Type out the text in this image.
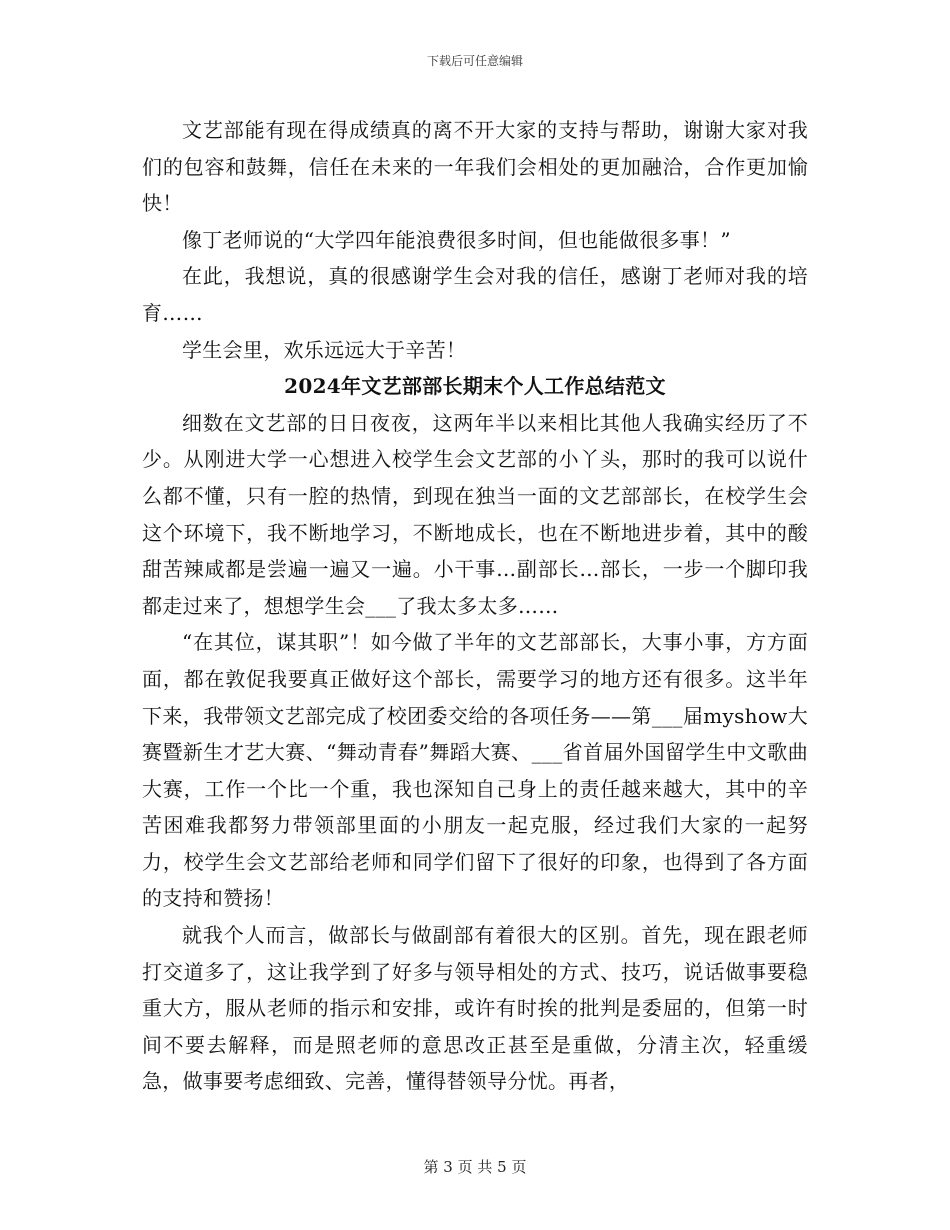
下载后可任意编辑

文艺部能有现在得成绩真的离不开大家的支持与帮助，谢谢大家对我们的包容和鼓舞，信任在未来的一年我们会相处的更加融洽，合作更加愉快！

像丁老师说的“大学四年能浪费很多时间，但也能做很多事！”

在此，我想说，真的很感谢学生会对我的信任，感谢丁老师对我的培育……

学生会里，欢乐远远大于辛苦！

2024年文艺部部长期末个人工作总结范文

细数在文艺部的日日夜夜，这两年半以来相比其他人我确实经历了不少。从刚进大学一心想进入校学生会文艺部的小丫头，那时的我可以说什么都不懂，只有一腔的热情，到现在独当一面的文艺部部长，在校学生会这个环境下，我不断地学习，不断地成长，也在不断地进步着，其中的酸甜苦辣咸都是尝遍一遍又一遍。小干事…副部长…部长，一步一个脚印我都走过来了，想想学生会___了我太多太多……

“在其位，谋其职”！如今做了半年的文艺部部长，大事小事，方方面面，都在敦促我要真正做好这个部长，需要学习的地方还有很多。这半年下来，我带领文艺部完成了校团委交给的各项任务——第___届myshow大赛暨新生才艺大赛、“舞动青春”舞蹈大赛、___省首届外国留学生中文歌曲大赛，工作一个比一个重，我也深知自己身上的责任越来越大，其中的辛苦困难我都努力带领部里面的小朋友一起克服，经过我们大家的一起努力，校学生会文艺部给老师和同学们留下了很好的印象，也得到了各方面的支持和赞扬！

就我个人而言，做部长与做副部有着很大的区别。首先，现在跟老师打交道多了，这让我学到了好多与领导相处的方式、技巧，说话做事要稳重大方，服从老师的指示和安排，或许有时挨的批判是委屈的，但第一时间不要去解释，而是照老师的意思改正甚至是重做，分清主次，轻重缓急，做事要考虑细致、完善，懂得替领导分忧。再者，

第 3 页 共 5 页
